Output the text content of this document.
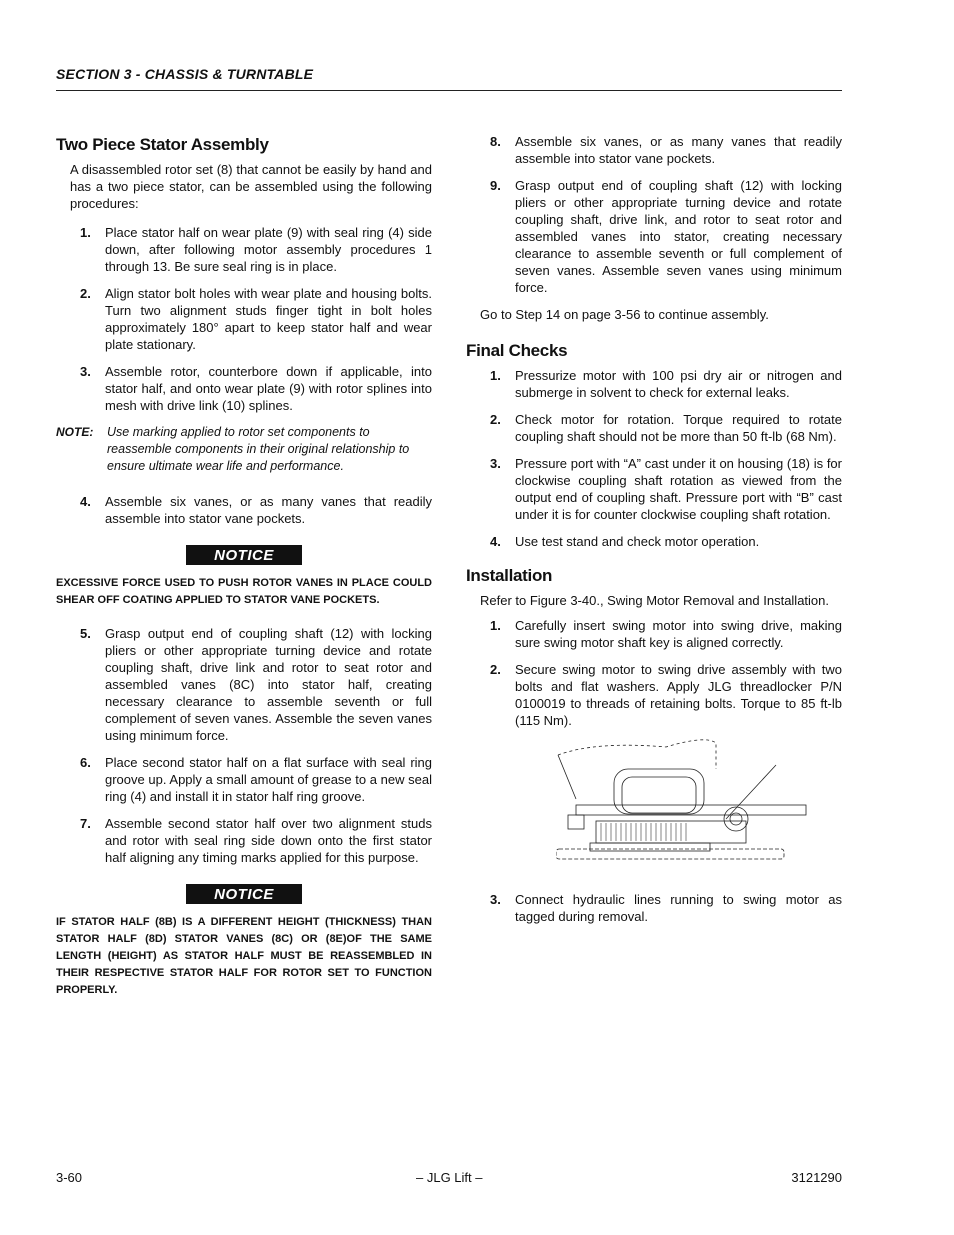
SECTION 3 - CHASSIS & TURNTABLE
Two Piece Stator Assembly

A disassembled rotor set (8) that cannot be easily by hand and has a two piece stator, can be assembled using the following procedures:

1. Place stator half on wear plate (9) with seal ring (4) side down, after following motor assembly procedures 1 through 13. Be sure seal ring is in place.

2. Align stator bolt holes with wear plate and housing bolts. Turn two alignment studs finger tight in bolt holes approximately 180° apart to keep stator half and wear plate stationary.

3. Assemble rotor, counterbore down if applicable, into stator half, and onto wear plate (9) with rotor splines into mesh with drive link (10) splines.

NOTE: Use marking applied to rotor set components to reassemble components in their original relationship to ensure ultimate wear life and performance.

4. Assemble six vanes, or as many vanes that readily assemble into stator vane pockets.

NOTICE

EXCESSIVE FORCE USED TO PUSH ROTOR VANES IN PLACE COULD SHEAR OFF COATING APPLIED TO STATOR VANE POCKETS.

5. Grasp output end of coupling shaft (12) with locking pliers or other appropriate turning device and rotate coupling shaft, drive link and rotor to seat rotor and assembled vanes (8C) into stator half, creating necessary clearance to assemble seventh or full complement of seven vanes. Assemble the seven vanes using minimum force.

6. Place second stator half on a flat surface with seal ring groove up. Apply a small amount of grease to a new seal ring (4) and install it in stator half ring groove.

7. Assemble second stator half over two alignment studs and rotor with seal ring side down onto the first stator half aligning any timing marks applied for this purpose.

NOTICE

IF STATOR HALF (8B) IS A DIFFERENT HEIGHT (THICKNESS) THAN STATOR HALF (8D) STATOR VANES (8C) OR (8E)OF THE SAME LENGTH (HEIGHT) AS STATOR HALF MUST BE REASSEMBLED IN THEIR RESPECTIVE STATOR HALF FOR ROTOR SET TO FUNCTION PROPERLY.

8. Assemble six vanes, or as many vanes that readily assemble into stator vane pockets.

9. Grasp output end of coupling shaft (12) with locking pliers or other appropriate turning device and rotate coupling shaft, drive link, and rotor to seat rotor and assembled vanes into stator, creating necessary clearance to assemble seventh or full complement of seven vanes. Assemble seven vanes using minimum force.

Go to Step 14 on page 3-56 to continue assembly.

Final Checks
1. Pressurize motor with 100 psi dry air or nitrogen and submerge in solvent to check for external leaks.

2. Check motor for rotation. Torque required to rotate coupling shaft should not be more than 50 ft-lb (68 Nm).

3. Pressure port with “A” cast under it on housing (18) is for clockwise coupling shaft rotation as viewed from the output end of coupling shaft. Pressure port with “B” cast under it is for counter clockwise coupling shaft rotation.

4. Use test stand and check motor operation.

Installation

Refer to Figure 3-40., Swing Motor Removal and Installation.

1. Carefully insert swing motor into swing drive, making sure swing motor shaft key is aligned correctly.

2. Secure swing motor to swing drive assembly with two bolts and flat washers. Apply JLG threadlocker P/N 0100019 to threads of retaining bolts. Torque to 85 ft-lb (115 Nm).

3. Connect hydraulic lines running to swing motor as tagged during removal.

3-60	– JLG Lift –	3121290
